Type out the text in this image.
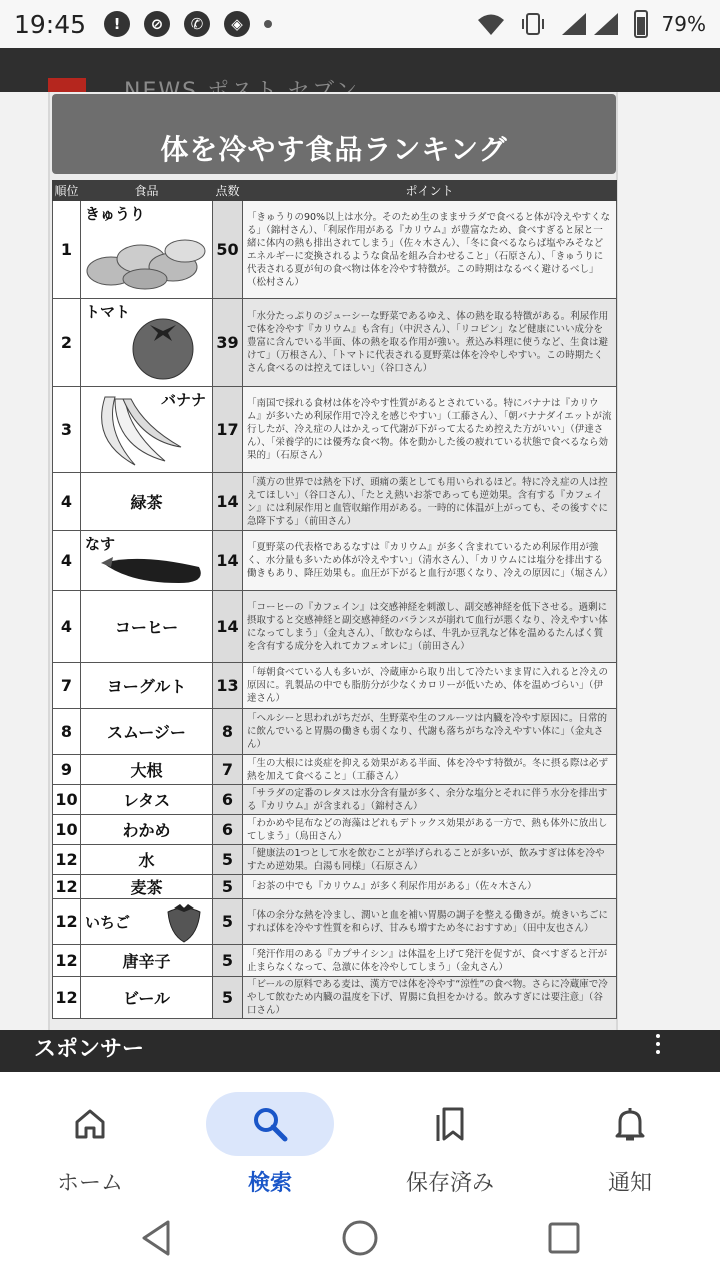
19:45	!	⊘	✆	◈	79%
体を冷やす食品ランキング
順位	食品	点数	ポイント
1	きゅうり	50	「きゅうりの90%以上は水分。そのため生のままサラダで食べると体が冷えやすくなる」（錦村さん）、「利尿作用がある『カリウム』が豊富なため、食べすぎると尿と一緒に体内の熱も排出されてしまう」（佐々木さん）、「冬に食べるならば塩やみそなどエネルギーに変換されるような食品を組み合わせること」（石原さん）、「きゅうりに代表される夏が旬の食べ物は体を冷やす特徴が。この時期はなるべく避けるべし」（松村さん）
2	トマト	39	「水分たっぷりのジューシーな野菜であるゆえ、体の熱を取る特徴がある。利尿作用で体を冷やす『カリウム』も含有」（中沢さん）、「リコピン」など健康にいい成分を豊富に含んでいる半面、体の熱を取る作用が強い。煮込み料理に使うなど、生食は避けて」（万根さん）、「トマトに代表される夏野菜は体を冷やしやすい。この時期たくさん食べるのは控えてほしい」（谷口さん）
3	バナナ	17	「南国で採れる食材は体を冷やす性質があるとされている。特にバナナは『カリウム』が多いため利尿作用で冷えを感じやすい」（工藤さん）、「朝バナナダイエットが流行したが、冷え症の人はかえって代謝が下がって太るため控えた方がいい」（伊達さん）、「栄養学的には優秀な食べ物。体を動かした後の疲れている状態で食べるなら効果的」（石原さん）
4	緑茶	14	「漢方の世界では熱を下げ、頭痛の薬としても用いられるほど。特に冷え症の人は控えてほしい」（谷口さん）、「たとえ熱いお茶であっても逆効果。含有する『カフェイン』には利尿作用と血管収縮作用がある。一時的に体温が上がっても、その後すぐに急降下する」（前田さん）
4	なす	14	「夏野菜の代表格であるなすは『カリウム』が多く含まれているため利尿作用が強く、水分量も多いため体が冷えやすい」（清水さん）、「カリウムには塩分を排出する働きもあり、降圧効果も。血圧が下がると血行が悪くなり、冷えの原因に」（堀さん）
4	コーヒー	14	「コーヒーの『カフェイン』は交感神経を刺激し、副交感神経を低下させる。過剰に摂取すると交感神経と副交感神経のバランスが崩れて血行が悪くなり、冷えやすい体になってしまう」（金丸さん）、「飲むならば、牛乳か豆乳など体を温めるたんぱく質を含有する成分を入れてカフェオレに」（前田さん）
7	ヨーグルト	13	「毎朝食べている人も多いが、冷蔵庫から取り出して冷たいまま胃に入れると冷えの原因に。乳製品の中でも脂肪分が少なくカロリーが低いため、体を温めづらい」（伊達さん）
8	スムージー	8	「ヘルシーと思われがちだが、生野菜や生のフルーツは内臓を冷やす原因に。日常的に飲んでいると胃腸の働きも弱くなり、代謝も落ちがちな冷えやすい体に」（金丸さん）
9	大根	7	「生の大根には炎症を抑える効果がある半面、体を冷やす特徴が。冬に摂る際は必ず熱を加えて食べること」（工藤さん）
10	レタス	6	「サラダの定番のレタスは水分含有量が多く、余分な塩分とそれに伴う水分を排出する『カリウム』が含まれる」（錦村さん）
10	わかめ	6	「わかめや昆布などの海藻はどれもデトックス効果がある一方で、熱も体外に放出してしまう」（鳥田さん）
12	水	5	「健康法の1つとして水を飲むことが挙げられることが多いが、飲みすぎは体を冷やすため逆効果。白湯も同様」（石原さん）
12	麦茶	5	「お茶の中でも『カリウム』が多く利尿作用がある」（佐々木さん）
12	いちご	5	「体の余分な熱を冷まし、潤いと血を補い胃腸の調子を整える働きが。焼きいちごにすれば体を冷やす性質を和らげ、甘みも増すため冬におすすめ」（田中友也さん）
12	唐辛子	5	「発汗作用のある『カプサイシン』は体温を上げて発汗を促すが、食べすぎると汗が止まらなくなって、急激に体を冷やしてしまう」（金丸さん）
12	ビール	5	「ビールの原料である麦は、漢方では体を冷やす“涼性”の食べ物。さらに冷蔵庫で冷やして飲むため内臓の温度を下げ、胃腸に負担をかける。飲みすぎには要注意」（谷口さん）
スポンサー
ホーム	検索	保存済み	通知
